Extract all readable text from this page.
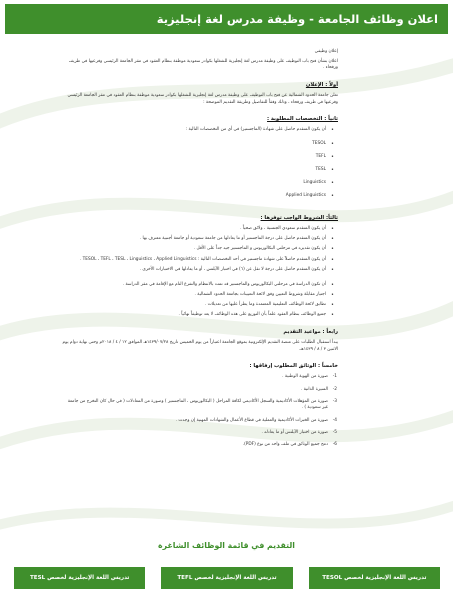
اعلان وظائف الجامعة - وظيفة مدرس لغة إنجليزية

إعلان وظيفي

اعلان بشأن فتح باب التوظيف على وظيفة مدرس لغة إنجليزية للشغلها بكوادر سعودية موظفة بنظام العقود في مقر الجامعة الرئيسي وفرعيها في طريف ورفحاء .

أولاً : الإعلان

تعلن جامعة الحدود الشمالية عن فتح باب التوظيف على وظيفة مدرس لغة إنجليزية للشغلها بكوادر سعودية موظفة بنظام العقود في مقر الجامعة الرئيسي وفرعيها في طريف ورفحاء ، وذلك وفقاً للتفاصيل وطريقة التقديم الموضحة :

ثانياً : التخصصات المطلوبة :
• أن يكون المتقدم حاصل على شهادة (الماجستير) في أي من التخصصات التالية :
• TESOL
• TEFL
• TESL
• Linguistics
• Applied Linguistics
ثالثاً: الشروط الواجب توفرها :
• أن يكون المتقدم سعودي الجنسية ، ولائق صحياً .
• أن يكون المتقدم حاصل على درجة الماجستير أو ما يعادلها من جامعة سعودية أو جامعة أجنبية معترف بها .
• أن يكون تقديره في مرحلتي البكالوريوس و الماجستير جيد جداً على الأقل .
• أن يكون المتقدم حاصلاً على شهادة ماجستير في أحد التخصصات التالية : TESOL ، TEFL ، TESL ، Linguistics ، Applied Linguistics .
• أن يكون المتقدم حاصل على درجة لا تقل عن (٦) في اختبار الآيلتس ، أو ما يعادلها في الاختبارات الأخرى .
• أن تكون الدراسة في مرحلتي البكالوريوس والماجستير قد تمت بالانتظام والتفرغ التام مع الإقامة في مقر الدراسة .
• اجتياز مقابلة وشروط التعيين وفق لائحة التعيينات بجامعة الحدود الشمالية .
• تطابق لائحة الوظائف التعليمية المعتمدة وما يطرأ عليها من تعديلات .
• جميع الوظائف بنظام العقود علماً بأن التوزيع على هذه الوظائف لا يعد توظيفاً نهائياً .
رابعاً : مواعيد التقديم

يبدأ استقبال الطلبات على منصة التقديم الإلكترونية بموقع الجامعة اعتباراً من يوم الخميس تاريخ ١٤٣٩/٠٧/٢٨هـ الموافق ١٢ / ٤ / ٢٠١٨م وحتى نهاية دوام يوم الاثنين ٣ / ٨ / ١٤٣٩هـ.

خامساً : الوثائق المطلوب إرفاقها :
صورة من الهوية الوطنية .
السيرة الذاتية .
صورة من المؤهلات الأكاديمية والسجل الأكاديمي لكافة المراحل ( البكالوريوس ، الماجستير ) وصورة من المعادلات ( في حال كان التخرج من جامعة غير سعودية ) .
صورة من الخبرات الأكاديمية والعملية في قطاع الأعمال والشهادات المهنية إن وجدت .
صورة من اختبار الآيلتس أو ما يعادله .
دمج جميع الوثائق في ملف واحد من نوع (PDF).
التقديم في قائمة الوظائف الشاغرة
تدريس اللغة الإنجليزية لخصص TESL	تدريس اللغة الإنجليزية لخصص TEFL	تدريس اللغة الإنجليزية لخصص TESOL
